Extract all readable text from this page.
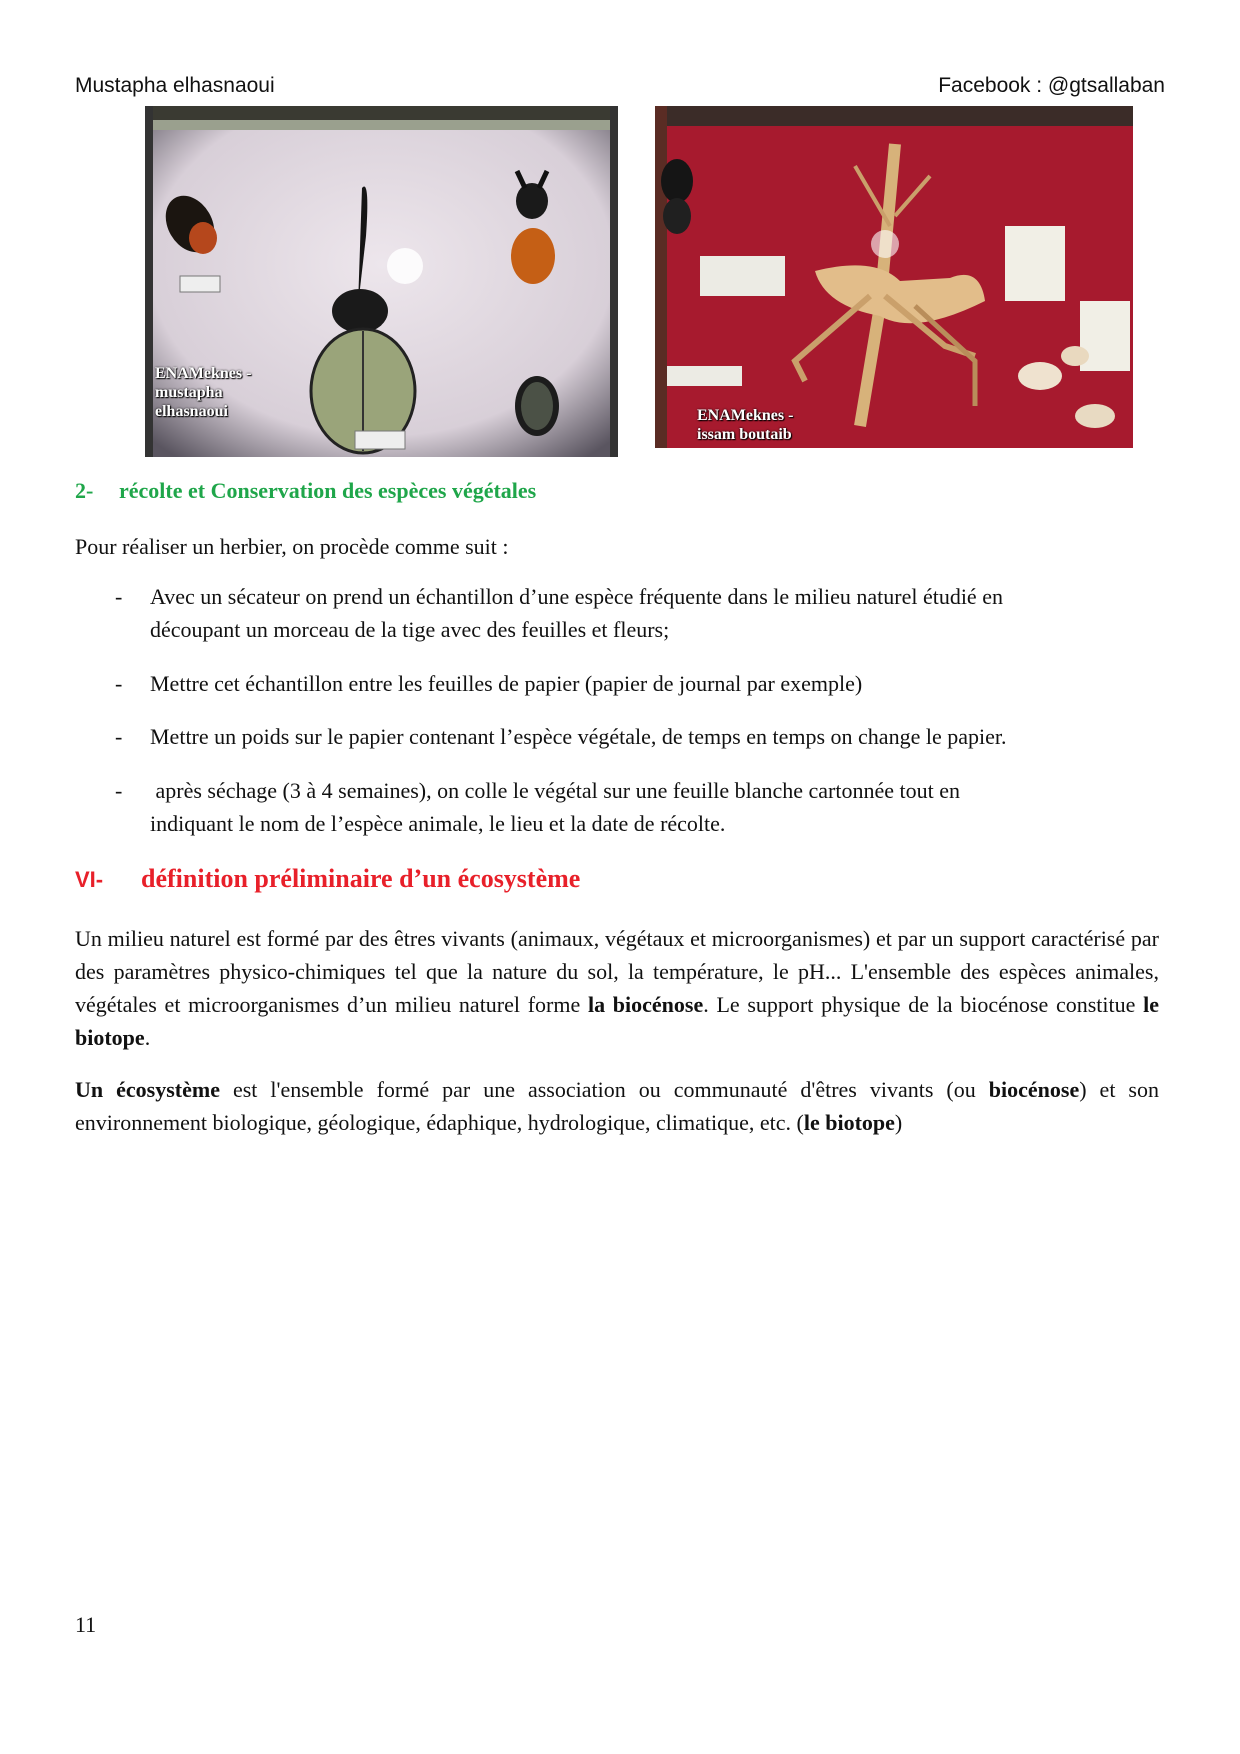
Mustapha elhasnaoui	Facebook : @gtsallaban
ENAMeknes -
mustapha
elhasnaoui	ENAMeknes -
issam boutaib
2- récolte et Conservation des espèces végétales
Pour réaliser un herbier, on procède comme suit :
- Avec un sécateur on prend un échantillon d’une espèce fréquente dans le milieu naturel étudié en
découpant un morceau de la tige avec des feuilles et fleurs;
- Mettre cet échantillon entre les feuilles de papier (papier de journal par exemple)
- Mettre un poids sur le papier contenant l’espèce végétale, de temps en temps on change le papier.
- après séchage (3 à 4 semaines), on colle le végétal sur une feuille blanche cartonnée tout en
indiquant le nom de l’espèce animale, le lieu et la date de récolte.
VI- définition préliminaire d’un écosystème
Un milieu naturel est formé par des êtres vivants (animaux, végétaux et microorganismes) et par un support caractérisé par des paramètres physico-chimiques tel que la nature du sol, la température, le pH... L'ensemble des espèces animales, végétales et microorganismes d’un milieu naturel forme la biocénose. Le support physique de la biocénose constitue le biotope.
Un écosystème est l'ensemble formé par une association ou communauté d'êtres vivants (ou biocénose) et son environnement biologique, géologique, édaphique, hydrologique, climatique, etc. (le biotope)
11
